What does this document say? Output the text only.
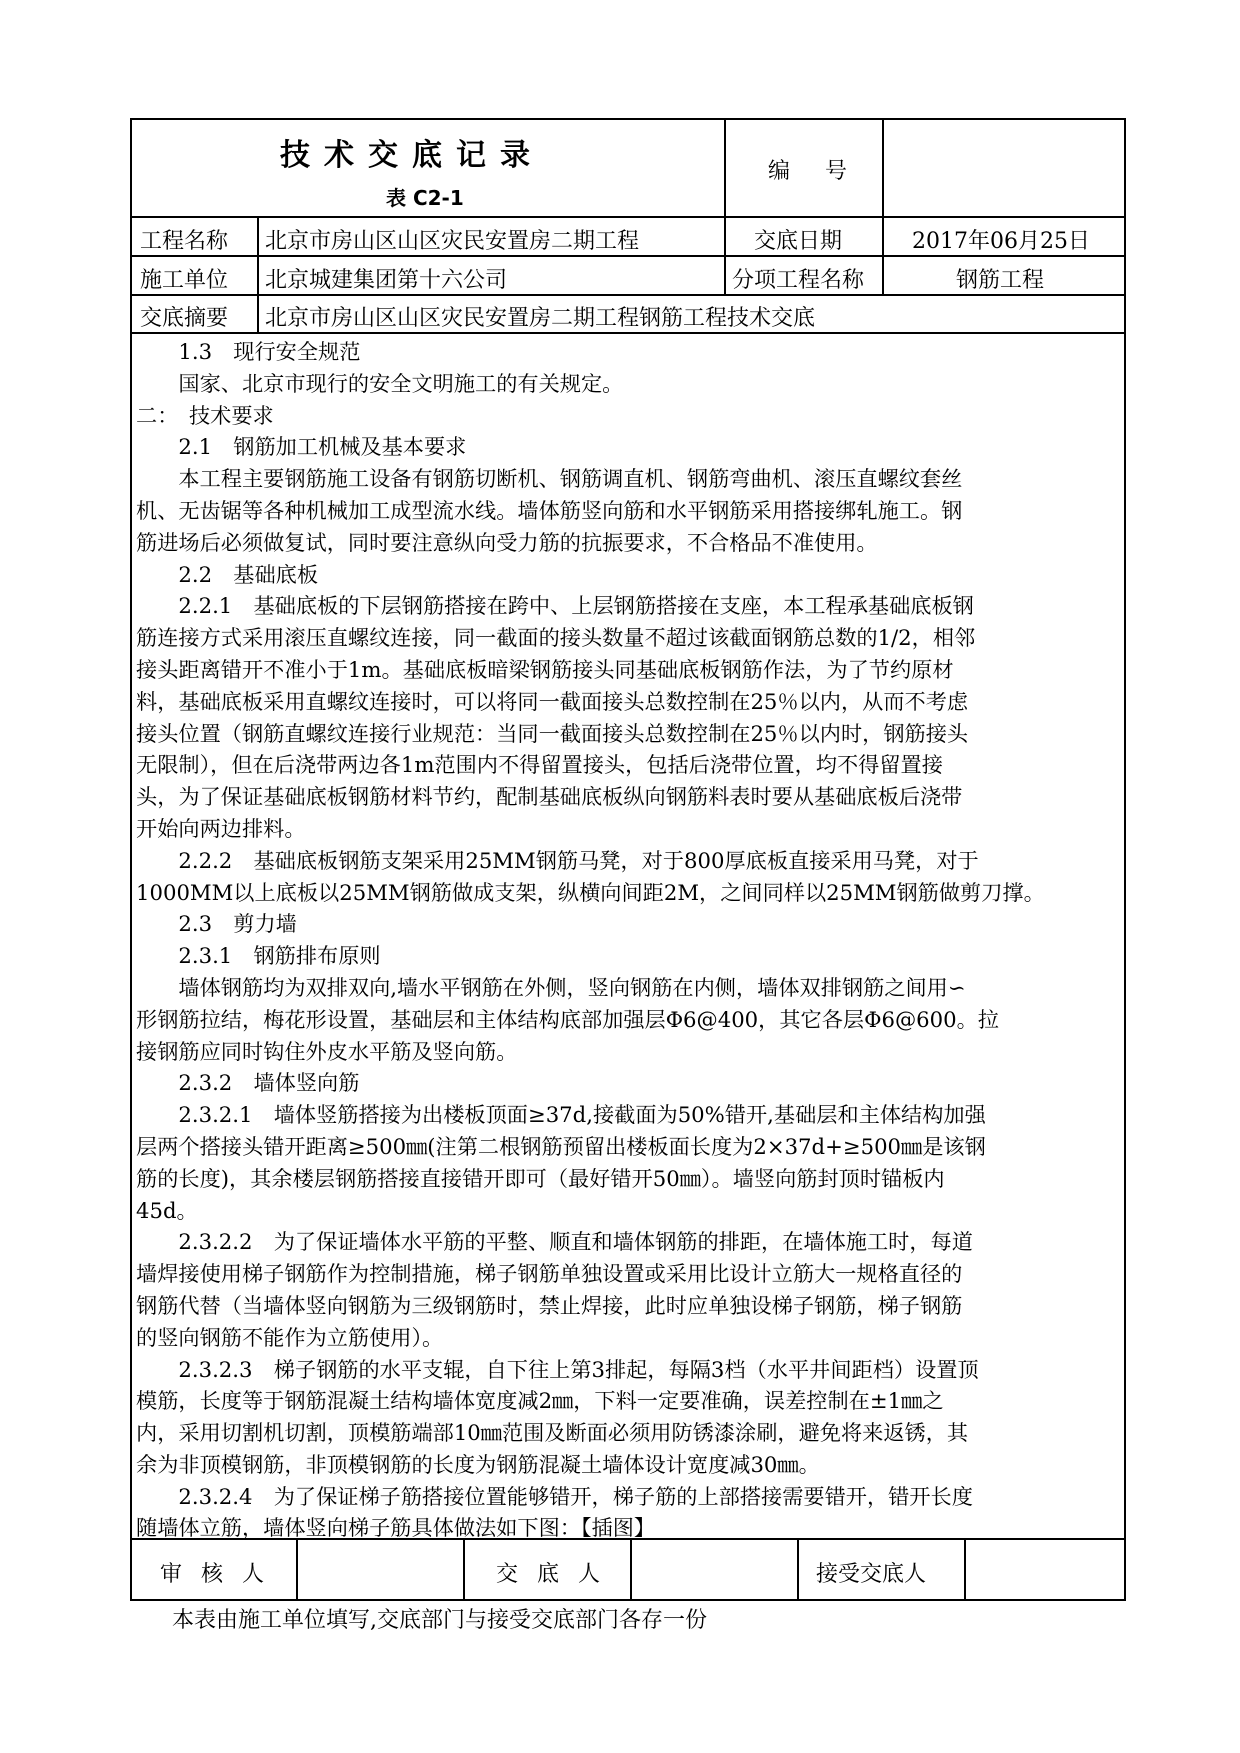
技术交底记录
表 C2-1
编 号
工程名称 北京市房山区山区灾民安置房二期工程	交底日期	2017年06月25日
施工单位 北京城建集团第十六公司	分项工程名称	钢筋工程
交底摘要 北京市房山区山区灾民安置房二期工程钢筋工程技术交底

　　1.3　现行安全规范

　　国家、北京市现行的安全文明施工的有关规定。

二：　技术要求

　　2.1　钢筋加工机械及基本要求

　　本工程主要钢筋施工设备有钢筋切断机、钢筋调直机、钢筋弯曲机、滚压直螺纹套丝

机、无齿锯等各种机械加工成型流水线。墙体筋竖向筋和水平钢筋采用搭接绑轧施工。钢

筋进场后必须做复试，同时要注意纵向受力筋的抗振要求，不合格品不准使用。

　　2.2　基础底板

　　2.2.1　基础底板的下层钢筋搭接在跨中、上层钢筋搭接在支座，本工程承基础底板钢

筋连接方式采用滚压直螺纹连接，同一截面的接头数量不超过该截面钢筋总数的1/2，相邻

接头距离错开不准小于1m。基础底板暗梁钢筋接头同基础底板钢筋作法，为了节约原材

料，基础底板采用直螺纹连接时，可以将同一截面接头总数控制在25％以内，从而不考虑

接头位置（钢筋直螺纹连接行业规范：当同一截面接头总数控制在25％以内时，钢筋接头

无限制），但在后浇带两边各1m范围内不得留置接头，包括后浇带位置，均不得留置接

头，为了保证基础底板钢筋材料节约，配制基础底板纵向钢筋料表时要从基础底板后浇带

开始向两边排料。

　　2.2.2　基础底板钢筋支架采用25MM钢筋马凳，对于800厚底板直接采用马凳，对于

1000MM以上底板以25MM钢筋做成支架，纵横向间距2M，之间同样以25MM钢筋做剪刀撑。

　　2.3　剪力墙

　　2.3.1　钢筋排布原则

　　墙体钢筋均为双排双向,墙水平钢筋在外侧，竖向钢筋在内侧，墙体双排钢筋之间用∽

形钢筋拉结，梅花形设置，基础层和主体结构底部加强层Φ6@400，其它各层Φ6@600。拉

接钢筋应同时钩住外皮水平筋及竖向筋。

　　2.3.2　墙体竖向筋

　　2.3.2.1　墙体竖筋搭接为出楼板顶面≥37d,接截面为50%错开,基础层和主体结构加强

层两个搭接头错开距离≥500㎜(注第二根钢筋预留出楼板面长度为2×37d+≥500㎜是该钢

筋的长度)，其余楼层钢筋搭接直接错开即可（最好错开50㎜）。墙竖向筋封顶时锚板内

45d。

　　2.3.2.2　为了保证墙体水平筋的平整、顺直和墙体钢筋的排距，在墙体施工时，每道

墙焊接使用梯子钢筋作为控制措施，梯子钢筋单独设置或采用比设计立筋大一规格直径的

钢筋代替（当墙体竖向钢筋为三级钢筋时，禁止焊接，此时应单独设梯子钢筋，梯子钢筋

的竖向钢筋不能作为立筋使用）。

　　2.3.2.3　梯子钢筋的水平支辊，自下往上第3排起，每隔3档（水平井间距档）设置顶

模筋，长度等于钢筋混凝土结构墙体宽度减2㎜，下料一定要准确，误差控制在±1㎜之

内，采用切割机切割，顶模筋端部10㎜范围及断面必须用防锈漆涂刷，避免将来返锈，其

余为非顶模钢筋，非顶模钢筋的长度为钢筋混凝土墙体设计宽度减30㎜。

　　2.3.2.4　为了保证梯子筋搭接位置能够错开，梯子筋的上部搭接需要错开，错开长度

随墙体立筋，墙体竖向梯子筋具体做法如下图：【插图】

审 核 人	交 底 人	接受交底人
本表由施工单位填写,交底部门与接受交底部门各存一份
